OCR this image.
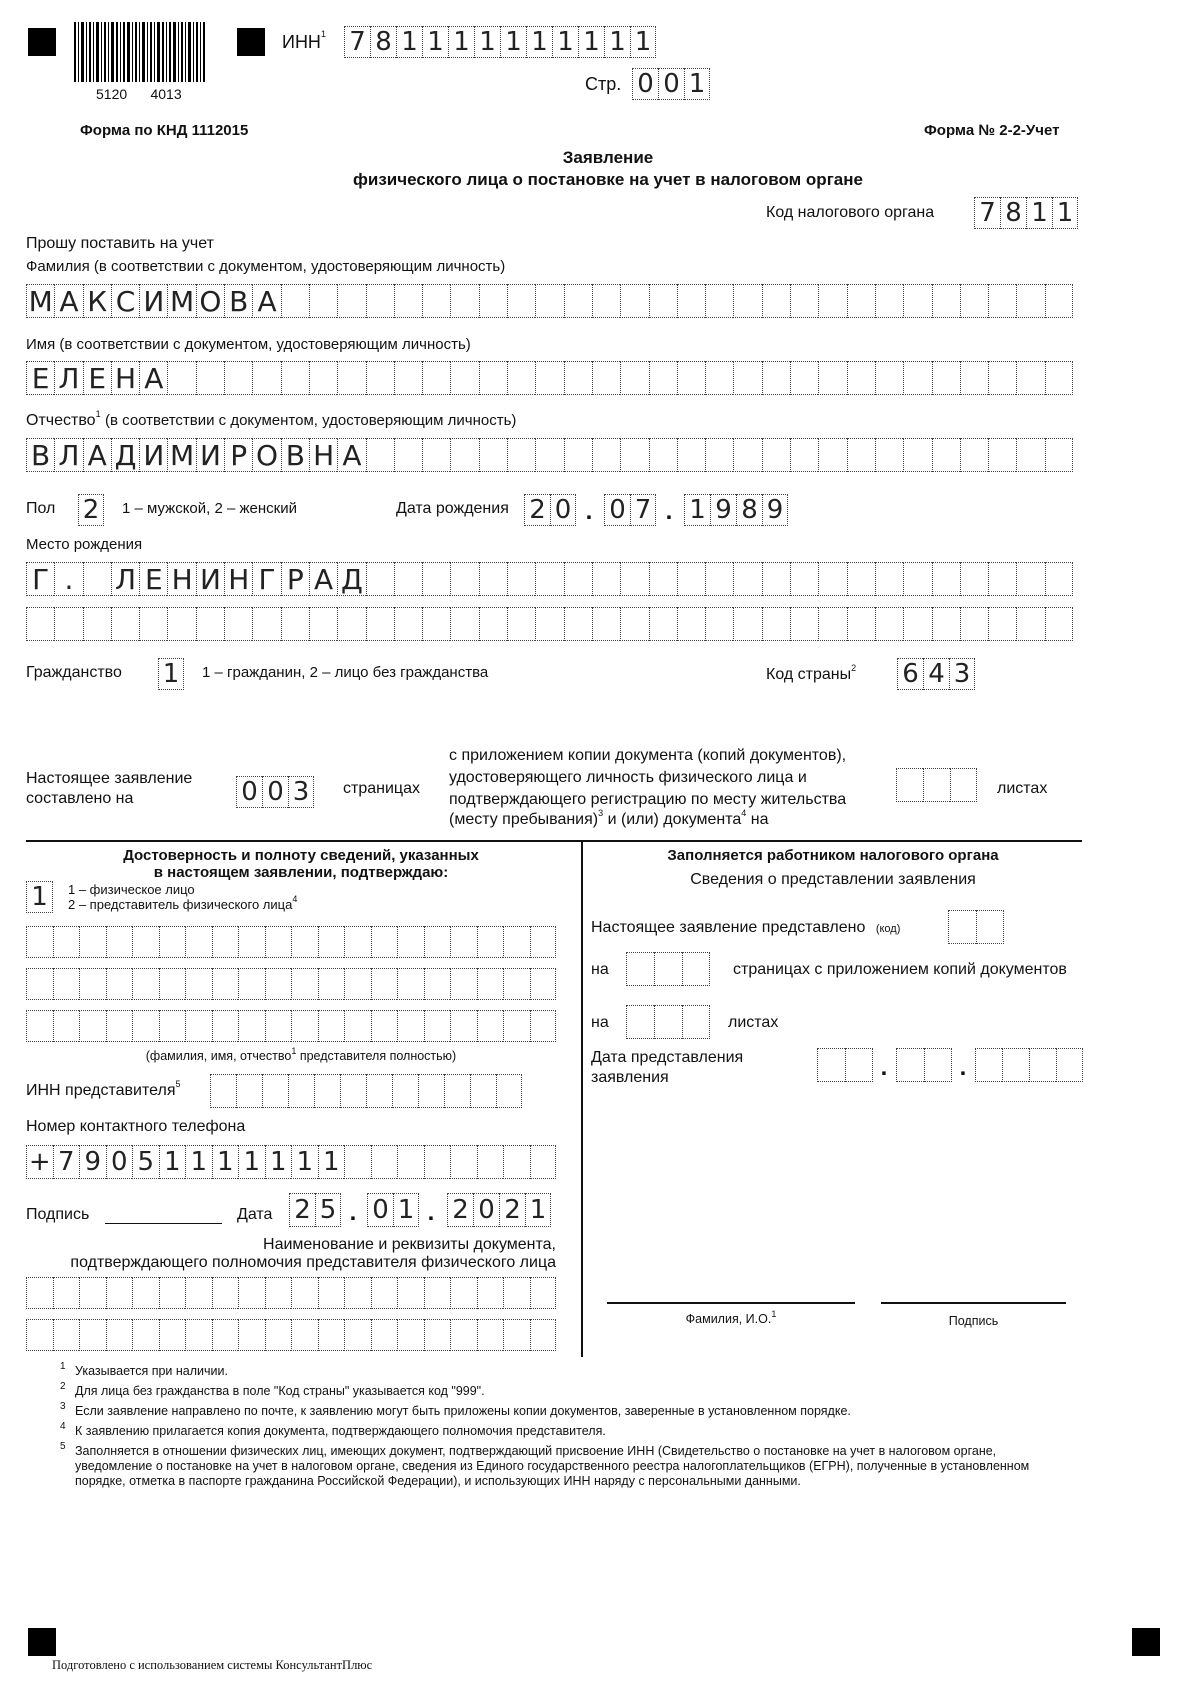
5120      4013
ИНН$^1$ 7 8 1 1 1 1 1 1 1 1 1 1
Стр. 0 0 1
Форма по КНД 1112015	Форма № 2-2-Учет
Заявление
физического лица о постановке на учет в налоговом органе
Код налогового органа 7 8 1 1
Прошу поставить на учет
Фамилия (в соответствии с документом, удостоверяющим личность)
М А К С И М О В А
Имя (в соответствии с документом, удостоверяющим личность)
Е Л Е Н А
Отчество$^1$ (в соответствии с документом, удостоверяющим личность)
В Л А Д И М И Р О В Н А
Пол 2	1 – мужской, 2 – женский	Дата рождения 2 0 . 0 7 . 1 9 8 9
Место рождения
Г .	Л Е Н И Н Г Р А Д
Гражданство 1	1 – гражданин, 2 – лицо без гражданства	Код страны$^2$ 6 4 3
Настоящее заявление
составлено на	0 0 3 страницах
с приложением копии документа (копий документов),
удостоверяющего личность физического лица и
подтверждающего регистрацию по месту жительства
(месту пребывания)$^3$ и (или) документа$^4$ на
листах
Достоверность и полноту сведений, указанных
в настоящем заявлении, подтверждаю:
1	1 – физическое лицо
2 – представитель физического лица$^4$
(фамилия, имя, отчество$^1$ представителя полностью)
ИНН представителя$^5$
Номер контактного телефона
+ 7 9 0 5 1 1 1 1 1 1 1
Подпись	Дата 2 5 . 0 1 . 2 0 2 1
Наименование и реквизиты документа,
подтверждающего полномочия представителя физического лица
Заполняется работником налогового органа
Сведения о представлении заявления
Настоящее заявление представлено (код)
на	страницах с приложением копий документов
на	листах
Дата представления
заявления	.	.
Фамилия, И.О.$^1$	Подпись
1 Указывается при наличии.
2 Для лица без гражданства в поле "Код страны" указывается код "999".
3 Если заявление направлено по почте, к заявлению могут быть приложены копии документов, заверенные в установленном порядке.
4 К заявлению прилагается копия документа, подтверждающего полномочия представителя.
5 Заполняется в отношении физических лиц, имеющих документ, подтверждающий присвоение ИНН (Свидетельство о постановке на учет в налоговом органе,
уведомление о постановке на учет в налоговом органе, сведения из Единого государственного реестра налогоплательщиков (ЕГРН), полученные в установленном
порядке, отметка в паспорте гражданина Российской Федерации), и использующих ИНН наряду с персональными данными.
Подготовлено с использованием системы КонсультантПлюс
